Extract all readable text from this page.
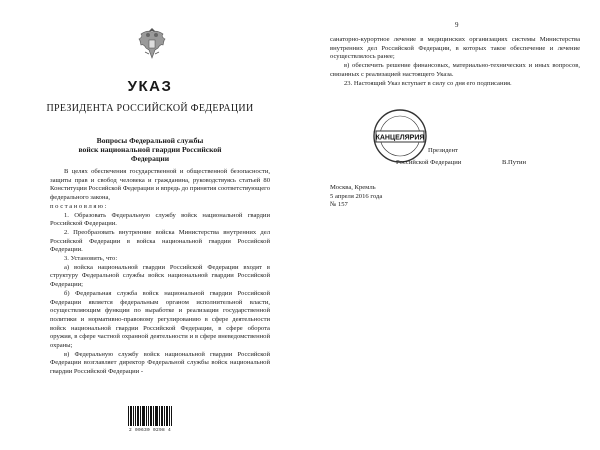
УКАЗ
ПРЕЗИДЕНТА РОССИЙСКОЙ ФЕДЕРАЦИИ
Вопросы Федеральной службы
войск национальной гвардии Российской Федерации

В целях обеспечения государственной и общественной безопасности, защиты прав и свобод человека и гражданина, руководствуясь статьей 80 Конституции Российской Федерации и впредь до принятия соответствующего федерального закона,

постановляю:

1. Образовать Федеральную службу войск национальной гвардии Российской Федерации.

2. Преобразовать внутренние войска Министерства внутренних дел Российской Федерации в войска национальной гвардии Российской Федерации.

3. Установить, что:

а) войска национальной гвардии Российской Федерации входят в структуру Федеральной службы войск национальной гвардии Российской Федерации;

б) Федеральная служба войск национальной гвардии Российской Федерации является федеральным органом исполнительной власти, осуществляющим функции по выработке и реализации государственной политики и нормативно-правовому регулированию в сфере деятельности войск национальной гвардии Российской Федерации, в сфере оборота оружия, в сфере частной охранной деятельности и в сфере вневедомственной охраны;

в) Федеральную службу войск национальной гвардии Российской Федерации возглавляет директор Федеральной службы войск национальной гвардии Российской Федерации -

2 00630 0298 4
9

санаторно-курортное лечение в медицинских организациях системы Министерства внутренних дел Российской Федерации, в которых такое обеспечение и лечение осуществлялось ранее;

в) обеспечить решение финансовых, материально-технических и иных вопросов, связанных с реализацией настоящего Указа.

23. Настоящий Указ вступает в силу со дня его подписания.

КАНЦЕЛЯРИЯ
Президент
Российской Федерации	В.Путин
Москва, Кремль
5 апреля 2016 года
№ 157
